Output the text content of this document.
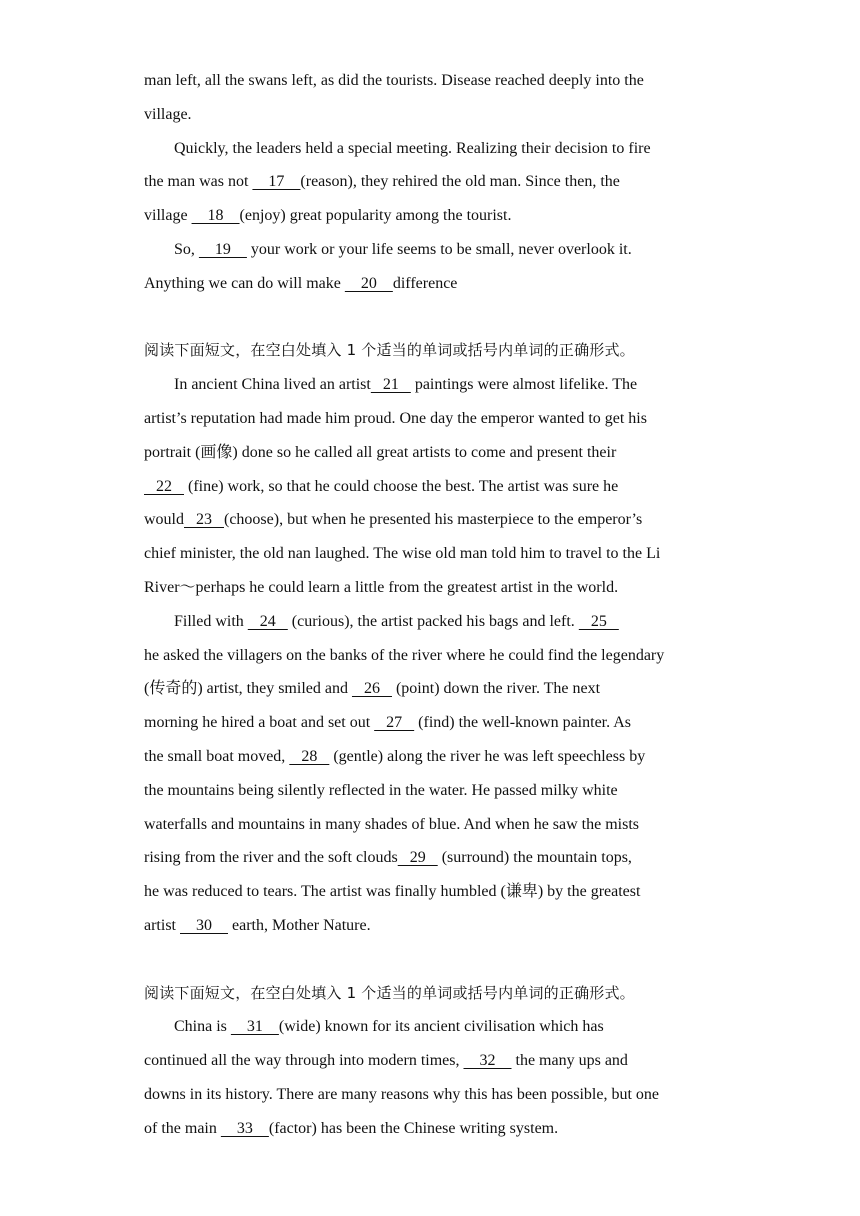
man left, all the swans left, as did the tourists. Disease reached deeply into the
village.
Quickly, the leaders held a special meeting. Realizing their decision to fire
the man was not     17    (reason), they rehired the old man. Since then, the
village     18    (enjoy) great popularity among the tourist.
So,     19     your work or your life seems to be small, never overlook it.
Anything we can do will make     20    difference
阅读下面短文，在空白处填入 1 个适当的单词或括号内单词的正确形式。
In ancient China lived an artist   21    paintings were almost lifelike. The
artist’s reputation had made him proud. One day the emperor wanted to get his
portrait (画像) done so he called all great artists to come and present their
22    (fine) work, so that he could choose the best. The artist was sure he
would   23   (choose), but when he presented his masterpiece to the emperor’s
chief minister, the old nan laughed. The wise old man told him to travel to the Li
River～perhaps he could learn a little from the greatest artist in the world.
Filled with    24    (curious), the artist packed his bags and left.    25
he asked the villagers on the banks of the river where he could find the legendary
(传奇的) artist, they smiled and    26    (point) down the river. The next
morning he hired a boat and set out    27    (find) the well-known painter. As
the small boat moved,    28    (gentle) along the river he was left speechless by
the mountains being silently reflected in the water. He passed milky white
waterfalls and mountains in many shades of blue. And when he saw the mists
rising from the river and the soft clouds   29    (surround) the mountain tops,
he was reduced to tears. The artist was finally humbled (谦卑) by the greatest
artist     30     earth, Mother Nature.
阅读下面短文，在空白处填入 1 个适当的单词或括号内单词的正确形式。
China is     31    (wide) known for its ancient civilisation which has
continued all the way through into modern times,     32     the many ups and
downs in its history. There are many reasons why this has been possible, but one
of the main     33    (factor) has been the Chinese writing system.
